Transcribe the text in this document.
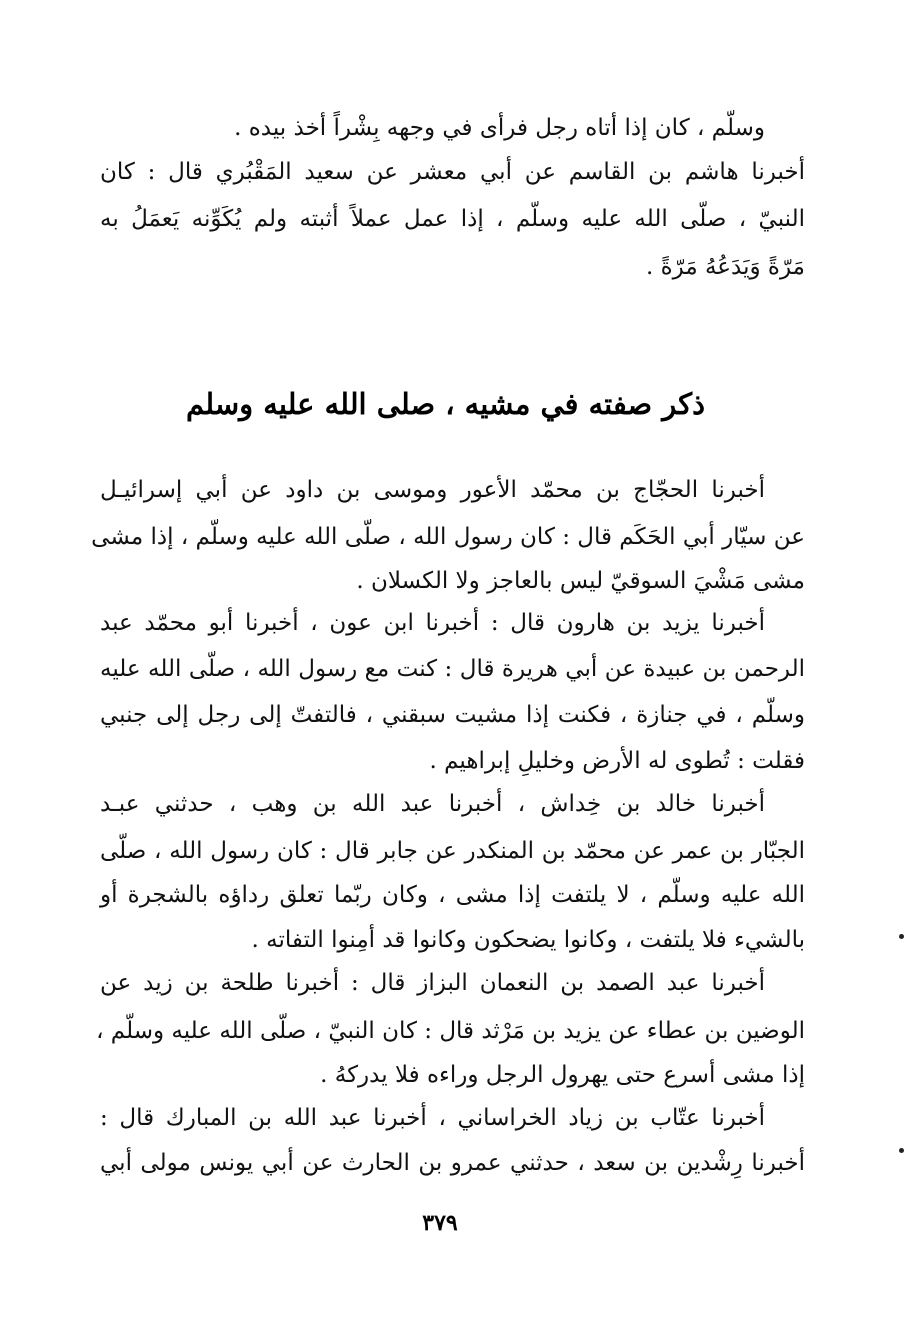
وسلّم ، كان إذا أتاه رجل فرأى في وجهه بِشْراً أخذ بيده .
أخبرنا هاشم بن القاسم عن أبي معشر عن سعيد المَقْبُري قال : كان
النبيّ ، صلّى الله عليه وسلّم ، إذا عمل عملاً أثبته ولم يُكَوِّنه يَعمَلُ به
مَرّةً وَيَدَعُهُ مَرّةً .
ذكر صفته في مشيه ، صلى الله عليه وسلم
أخبرنا الحجّاج بن محمّد الأعور وموسى بن داود عن أبي إسرائيـل
عن سيّار أبي الحَكَم قال : كان رسول الله ، صلّى الله عليه وسلّم ، إذا مشى
مشى مَشْيَ السوقيّ ليس بالعاجز ولا الكسلان .
أخبرنا يزيد بن هارون قال : أخبرنا ابن عون ، أخبرنا أبو محمّد عبد
الرحمن بن عبيدة عن أبي هريرة قال : كنت مع رسول الله ، صلّى الله عليه
وسلّم ، في جنازة ، فكنت إذا مشيت سبقني ، فالتفتّ إلى رجل إلى جنبي
فقلت : تُطوى له الأرض وخليلِ إبراهيم .
أخبرنا خالد بن خِداش ، أخبرنا عبد الله بن وهب ، حدثني عبـد
الجبّار بن عمر عن محمّد بن المنكدر عن جابر قال : كان رسول الله ، صلّى
الله عليه وسلّم ، لا يلتفت إذا مشى ، وكان ربّما تعلق رداؤه بالشجرة أو
بالشيء فلا يلتفت ، وكانوا يضحكون وكانوا قد أمِنوا التفاته .
أخبرنا عبد الصمد بن النعمان البزاز قال : أخبرنا طلحة بن زيد عن
الوضين بن عطاء عن يزيد بن مَرْثد قال : كان النبيّ ، صلّى الله عليه وسلّم ،
إذا مشى أسرع حتى يهرول الرجل وراءه فلا يدركهُ .
أخبرنا عتّاب بن زياد الخراساني ، أخبرنا عبد الله بن المبارك قال :
أخبرنا رِشْدين بن سعد ، حدثني عمرو بن الحارث عن أبي يونس مولى أبي
٣٧٩
